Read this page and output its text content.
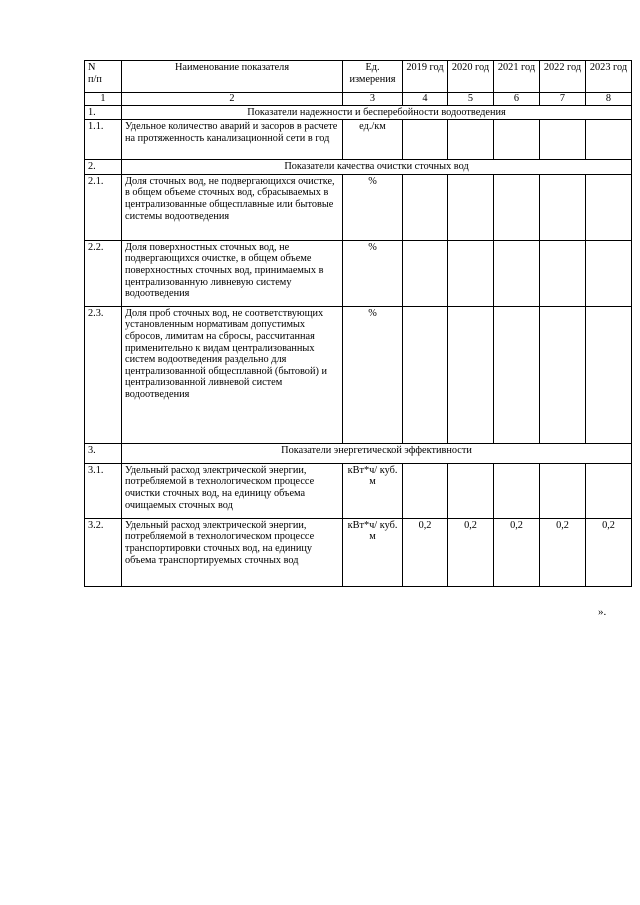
N
п/п	Наименование показателя	Ед. измерения	2019 год	2020 год	2021 год	2022 год	2023 год
1	2	3	4	5	6	7	8
1.	Показатели надежности и бесперебойности водоотведения						
1.1.	Удельное количество аварий и засоров в расчете на протяженность канализационной сети в год	ед./км					
2.	Показатели качества очистки сточных вод						
2.1.	Доля сточных вод, не подвергающихся очистке, в общем объеме сточных вод, сбрасываемых в централизованные общесплавные или бытовые системы водоотведения	%					
2.2.	Доля поверхностных сточных вод, не подвергающихся очистке, в общем объеме поверхностных сточных вод, принимаемых в централизованную ливневую систему водоотведения	%					
2.3.	Доля проб сточных вод, не соответствующих установленным нормативам допустимых сбросов, лимитам на сбросы, рассчитанная применительно к видам централизованных систем водоотведения раздельно для централизованной общесплавной (бытовой) и централизованной ливневой систем водоотведения	%					
3.	Показатели энергетической эффективности						
3.1.	Удельный расход электрической энергии, потребляемой в технологическом процессе очистки сточных вод, на единицу объема очищаемых сточных вод	кВт*ч/ куб. м					
3.2.	Удельный расход электрической энергии, потребляемой в технологическом процессе транспортировки сточных вод, на единицу объема транспортируемых сточных вод	кВт*ч/ куб. м	0,2	0,2	0,2	0,2	0,2
».
